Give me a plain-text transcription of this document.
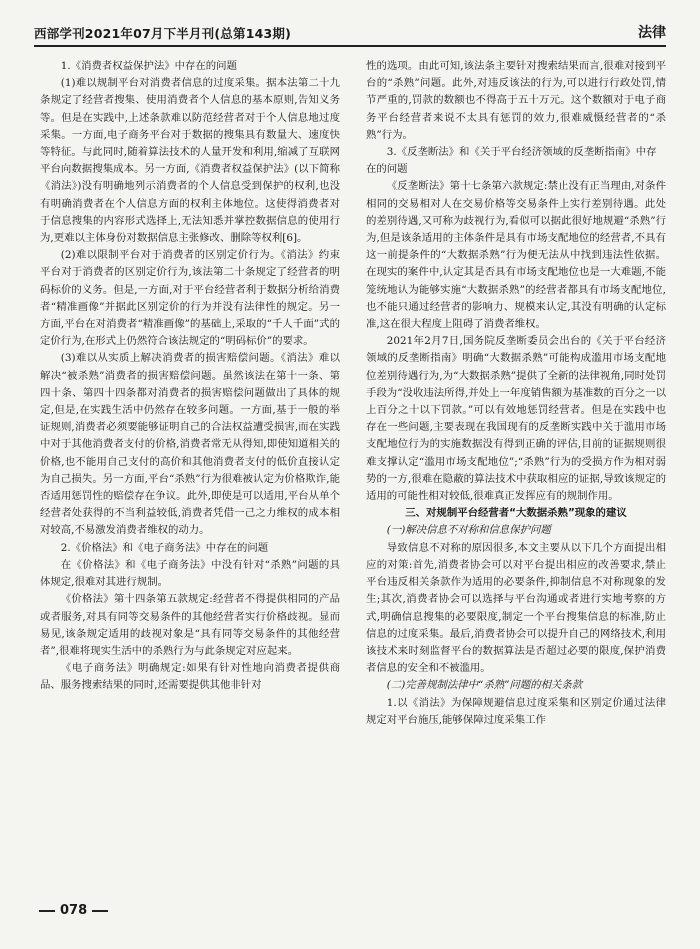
西部学刊2021年07月下半月刊(总第143期)	法律

1.《消费者权益保护法》中存在的问题

(1)难以规制平台对消费者信息的过度采集。据本法第二十九条规定了经营者搜集、使用消费者个人信息的基本原则,告知义务等。但是在实践中,上述条款难以防范经营者对于个人信息地过度采集。一方面,电子商务平台对于数据的搜集具有数量大、速度快等特征。与此同时,随着算法技术的人量开发和利用,缩减了互联网平台向数据搜集成本。另一方面,《消费者权益保护法》(以下简称《消法》)没有明确地列示消费者的个人信息受到保护的权利,也没有明确消费者在个人信息方面的权利主体地位。这使得消费者对于信息搜集的内容形式选择上,无法知悉并掌控数据信息的使用行为,更难以主体身份对数据信息主张修改、删除等权利[6]。

(2)难以限制平台对于消费者的区别定价行为。《消法》约束平台对于消费者的区别定价行为,该法第二十条规定了经营者的明码标价的义务。但是,一方面,对于平台经营者利于数据分析给消费者“精准画像”并据此区别定价的行为并没有法律性的规定。另一方面,平台在对消费者“精准画像”的基础上,采取的“千人千面”式的定价行为,在形式上仍然符合该法规定的“明码标价”的要求。

(3)难以从实质上解决消费者的损害赔偿问题。《消法》难以解决“被杀熟”消费者的损害赔偿问题。虽然该法在第十一条、第四十条、第四十四条都对消费者的损害赔偿问题做出了具体的规定,但是,在实践生活中仍然存在较多问题。一方面,基于一般的举证规则,消费者必须要能够证明自己的合法权益遭受损害,而在实践中对于其他消费者支付的价格,消费者常无从得知,即使知道相关的价格,也不能用自己支付的高价和其他消费者支付的低价直接认定为自己损失。另一方面,平台“杀熟”行为很难被认定为价格欺诈,能否适用惩罚性的赔偿存在争议。此外,即使是可以适用,平台从单个经营者处获得的不当利益较低,消费者凭借一己之力维权的成本相对较高,不易激发消费者维权的动力。

2.《价格法》和《电子商务法》中存在的问题

在《价格法》和《电子商务法》中没有针对“杀熟”问题的具体规定,很难对其进行规制。

《价格法》第十四条第五款规定:经营者不得提供相同的产品或者服务,对具有同等交易条件的其他经营者实行价格歧视。显而易见,该条规定适用的歧视对象是“具有同等交易条件的其他经营者”,很难将现实生活中的杀熟行为与此条规定对应起来。

《电子商务法》明确规定:如果有针对性地向消费者提供商品、服务搜索结果的同时,还需要提供其他非针对

性的选项。由此可知,该法条主要针对搜索结果而言,很难对接到平台的“杀熟”问题。此外,对违反该法的行为,可以进行行政处罚,情节严重的,罚款的数额也不得高于五十万元。这个数额对于电子商务平台经营者来说不太具有惩罚的效力,很难威慑经营者的“杀熟”行为。

3.《反垄断法》和《关于平台经济领域的反垄断指南》中存在的问题

《反垄断法》第十七条第六款规定:禁止没有正当理由,对条件相同的交易相对人在交易价格等交易条件上实行差别待遇。此处的差别待遇,又可称为歧视行为,看似可以据此很好地规避“杀熟”行为,但是该条适用的主体条件是具有市场支配地位的经营者,不具有这一前提条件的“大数据杀熟”行为便无法从中找到违法性依据。在现实的案件中,认定其是否具有市场支配地位也是一大难题,不能笼统地认为能够实施“大数据杀熟”的经营者都具有市场支配地位,也不能只通过经营者的影响力、规模来认定,其没有明确的认定标准,这在很大程度上阻碍了消费者维权。

2021年2月7日,国务院反垄断委员会出台的《关于平台经济领域的反垄断指南》明确“大数据杀熟”可能构成滥用市场支配地位差别待遇行为,为“大数据杀熟”提供了全新的法律视角,同时处罚手段为“没收违法所得,并处上一年度销售额为基准数的百分之一以上百分之十以下罚款。”可以有效地惩罚经营者。但是在实践中也存在一些问题,主要表现在我国现有的反垄断实践中关于滥用市场支配地位行为的实施数据没有得到正确的评估,目前的证据规则很难支撑认定“滥用市场支配地位”;“杀熟”行为的受损方作为相对弱势的一方,很难在隐蔽的算法技术中获取相应的证据,导致该规定的适用的可能性相对较低,很难真正发挥应有的规制作用。

三、对规制平台经营者“大数据杀熟”现象的建议

(一)解决信息不对称和信息保护问题

导致信息不对称的原因很多,本文主要从以下几个方面提出相应的对策:首先,消费者协会可以对平台提出相应的改善要求,禁止平台违反相关条款作为适用的必要条件,抑制信息不对称现象的发生;其次,消费者协会可以选择与平台沟通或者进行实地考察的方式,明确信息搜集的必要限度,制定一个平台搜集信息的标准,防止信息的过度采集。最后,消费者协会可以提升自己的网络技术,利用该技术来时刻监督平台的数据算法是否超过必要的限度,保护消费者信息的安全和不被滥用。

(二)完善规制法律中“杀熟”问题的相关条款

1.以《消法》为保障规避信息过度采集和区别定价通过法律规定对平台施压,能够保障过度采集工作

078
